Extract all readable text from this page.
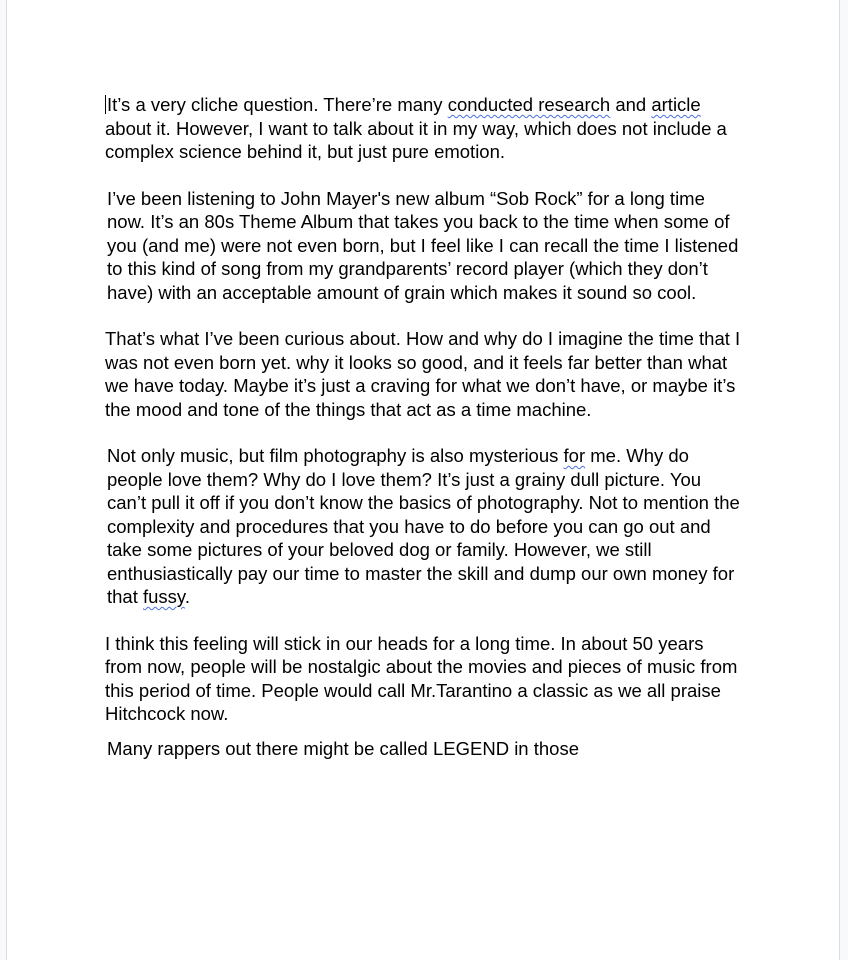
It’s a very cliche question. There’re many conducted research and article about it. However, I want to talk about it in my way, which does not include a complex science behind it, but just pure emotion.

I’ve been listening to John Mayer's new album “Sob Rock” for a long time now. It’s an 80s Theme Album that takes you back to the time when some of you (and me) were not even born, but I feel like I can recall the time I listened to this kind of song from my grandparents’ record player (which they don’t have) with an acceptable amount of grain which makes it sound so cool.

That’s what I’ve been curious about. How and why do I imagine the time that I was not even born yet. why it looks so good, and it feels far better than what we have today. Maybe it’s just a craving for what we don’t have, or maybe it’s the mood and tone of the things that act as a time machine.

Not only music, but film photography is also mysterious for me. Why do people love them? Why do I love them? It’s just a grainy dull picture. You can’t pull it off if you don’t know the basics of photography. Not to mention the complexity and procedures that you have to do before you can go out and take some pictures of your beloved dog or family. However, we still enthusiastically pay our time to master the skill and dump our own money for that fussy.

I think this feeling will stick in our heads for a long time. In about 50 years from now, people will be nostalgic about the movies and pieces of music from this period of time. People would call Mr.Tarantino a classic as we all praise Hitchcock now.

Many rappers out there might be called LEGEND in those
